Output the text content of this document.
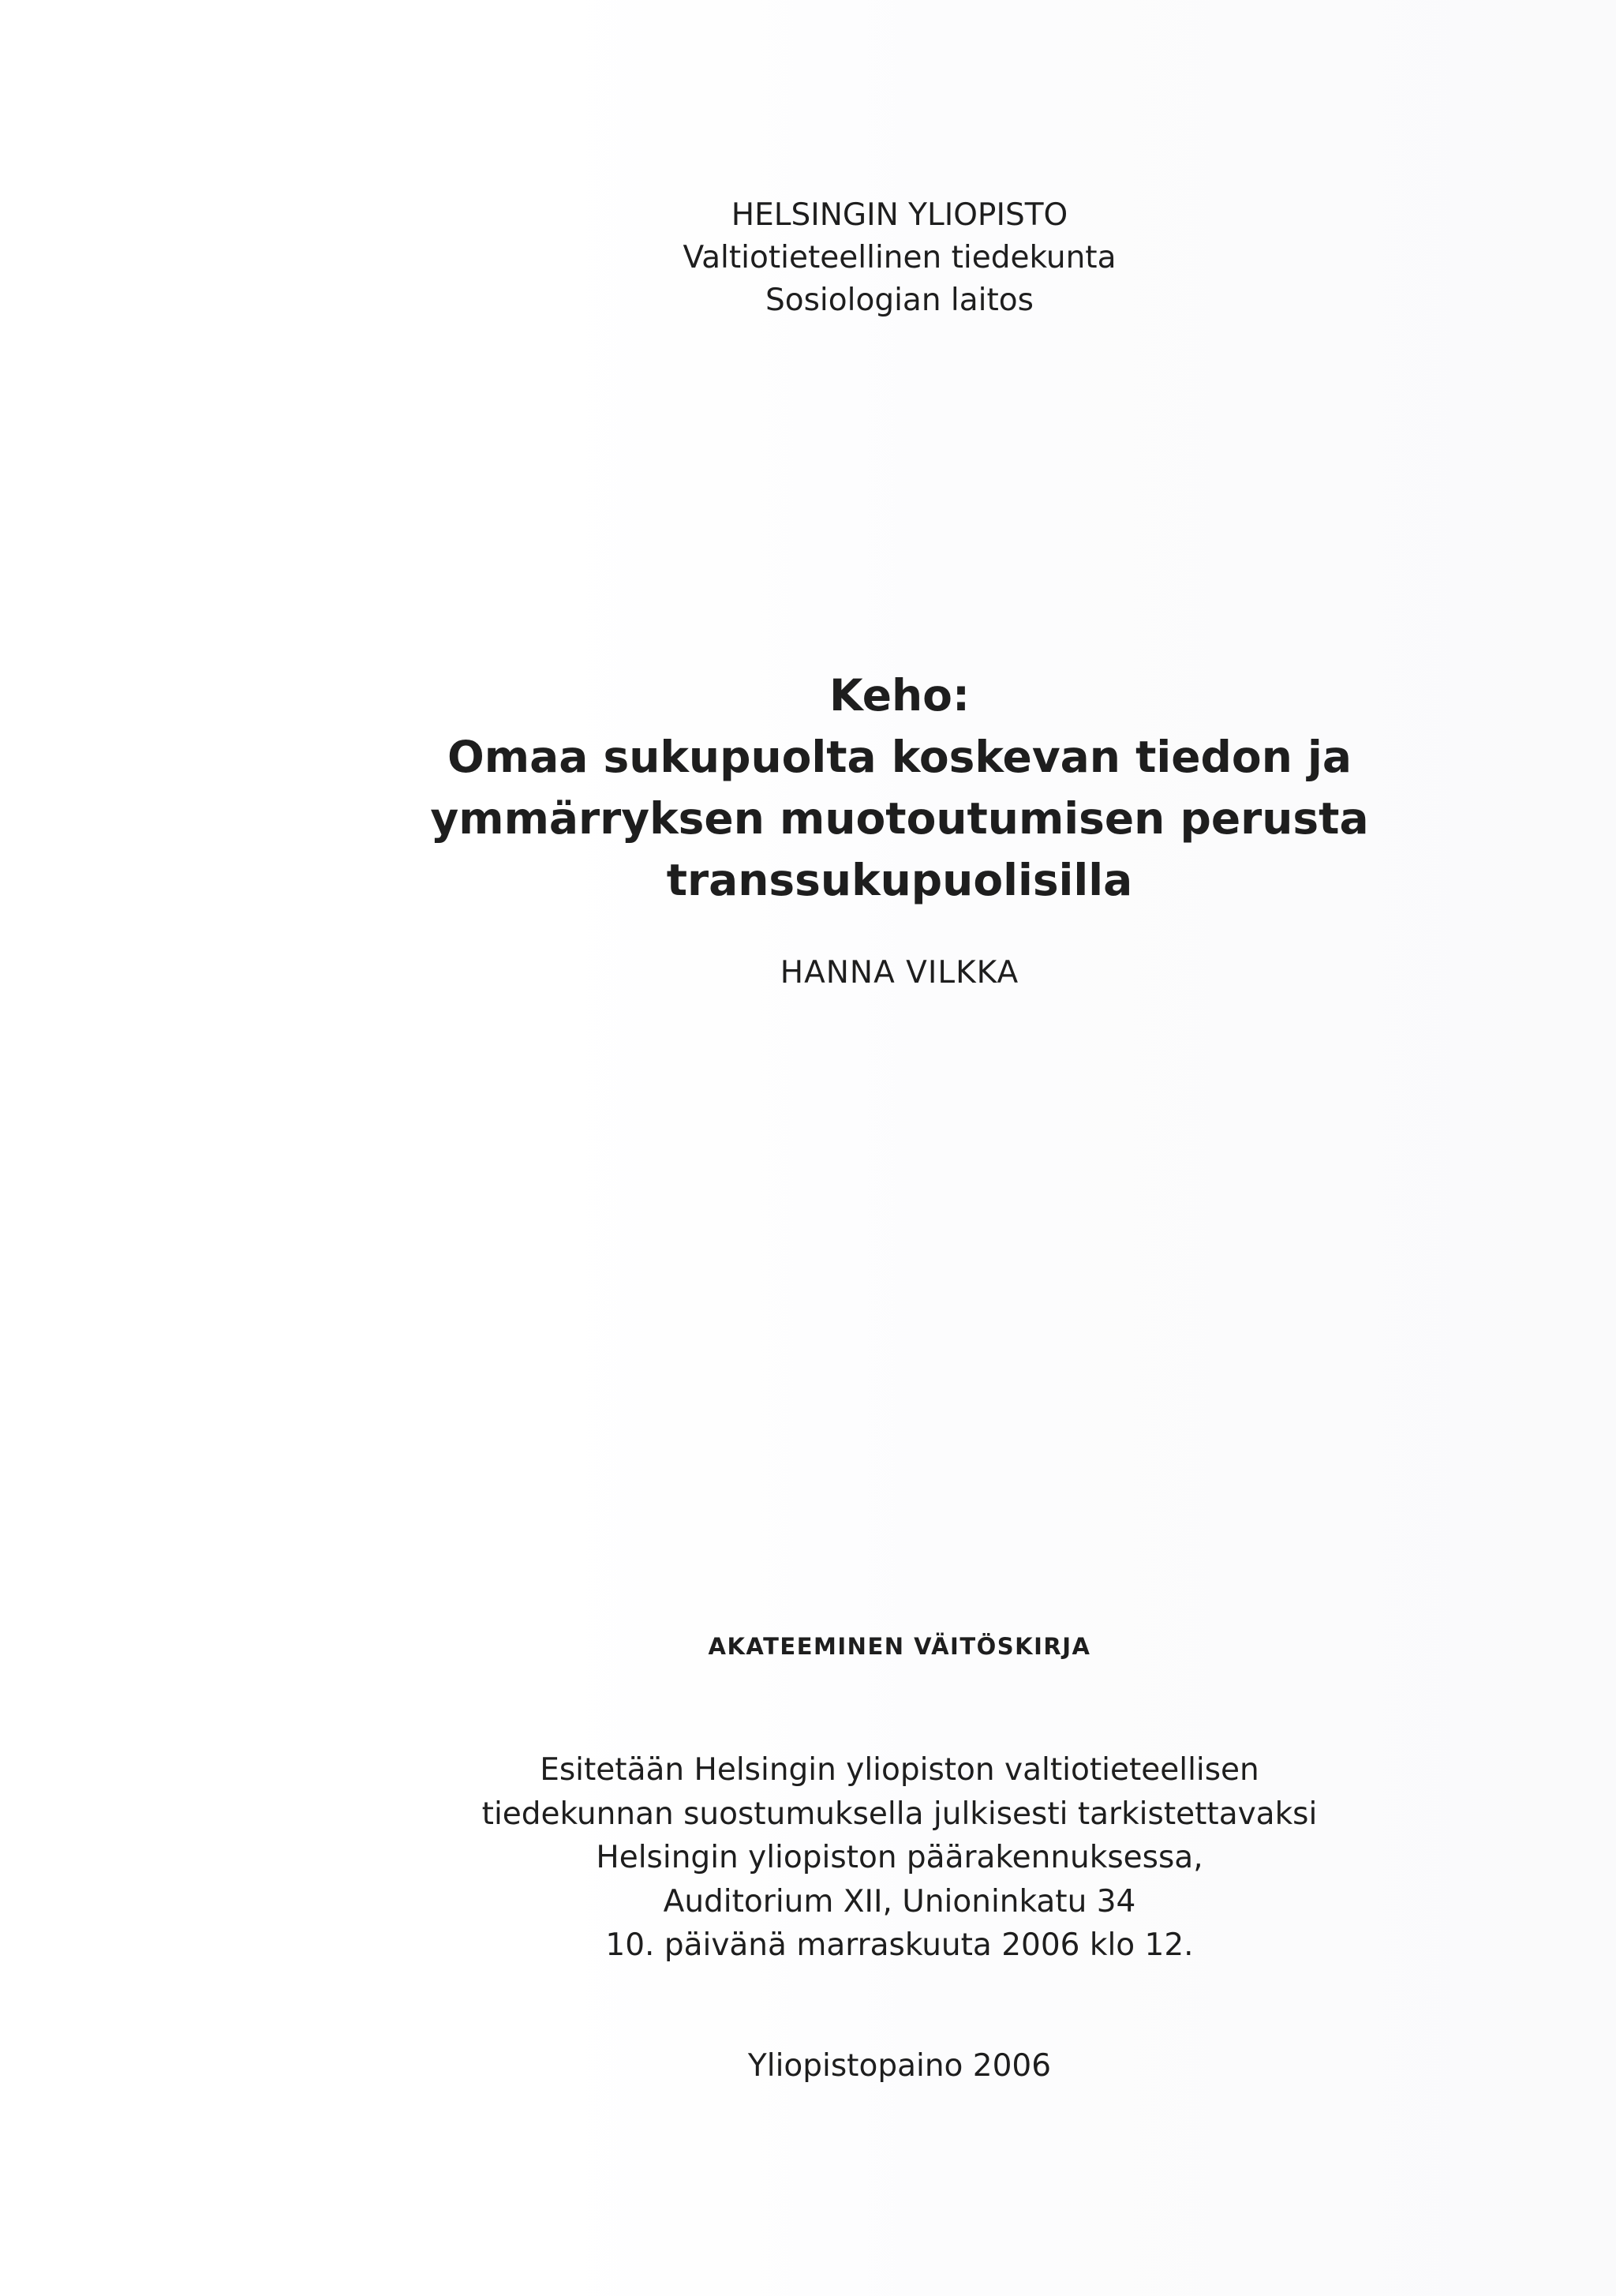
HELSINGIN YLIOPISTO
Valtiotieteellinen tiedekunta
Sosiologian laitos
Keho:
Omaa sukupuolta koskevan tiedon ja
ymmärryksen muotoutumisen perusta
transsukupuolisilla
HANNA VILKKA
AKATEEMINEN VÄITÖSKIRJA
Esitetään Helsingin yliopiston valtiotieteellisen
tiedekunnan suostumuksella julkisesti tarkistettavaksi
Helsingin yliopiston päärakennuksessa,
Auditorium XII, Unioninkatu 34
10. päivänä marraskuuta 2006 klo 12.
Yliopistopaino 2006
